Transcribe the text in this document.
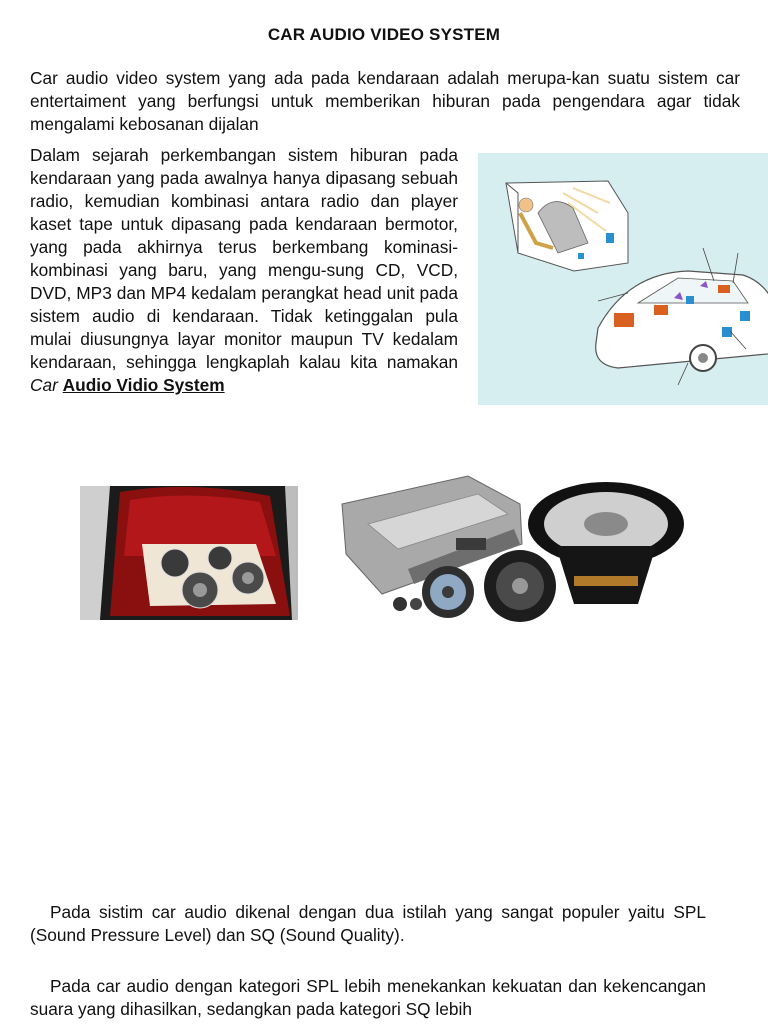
CAR AUDIO VIDEO SYSTEM

Car audio video system yang ada pada kendaraan adalah merupa-kan suatu sistem car entertaiment yang berfungsi untuk memberikan hiburan pada pengendara agar tidak mengalami kebosanan dijalan

Dalam sejarah perkembangan sistem hiburan pada kendaraan yang pada awalnya hanya dipasang sebuah radio, kemudian kombinasi antara radio dan player kaset tape untuk dipasang pada kendaraan bermotor, yang pada akhirnya terus berkembang kominasi-kombinasi yang baru, yang mengu-sung CD, VCD, DVD, MP3 dan MP4 kedalam perangkat head unit pada sistem audio di kendaraan. Tidak ketinggalan pula mulai diusungnya layar monitor maupun TV kedalam kendaraan, sehingga lengkaplah kalau kita namakan Car Audio Vidio System

Pada sistim car audio dikenal dengan dua istilah yang sangat populer yaitu SPL (Sound Pressure Level) dan SQ (Sound Quality).

Pada car audio dengan kategori SPL lebih menekankan kekuatan dan kekencangan suara yang dihasilkan, sedangkan pada kategori SQ lebih
